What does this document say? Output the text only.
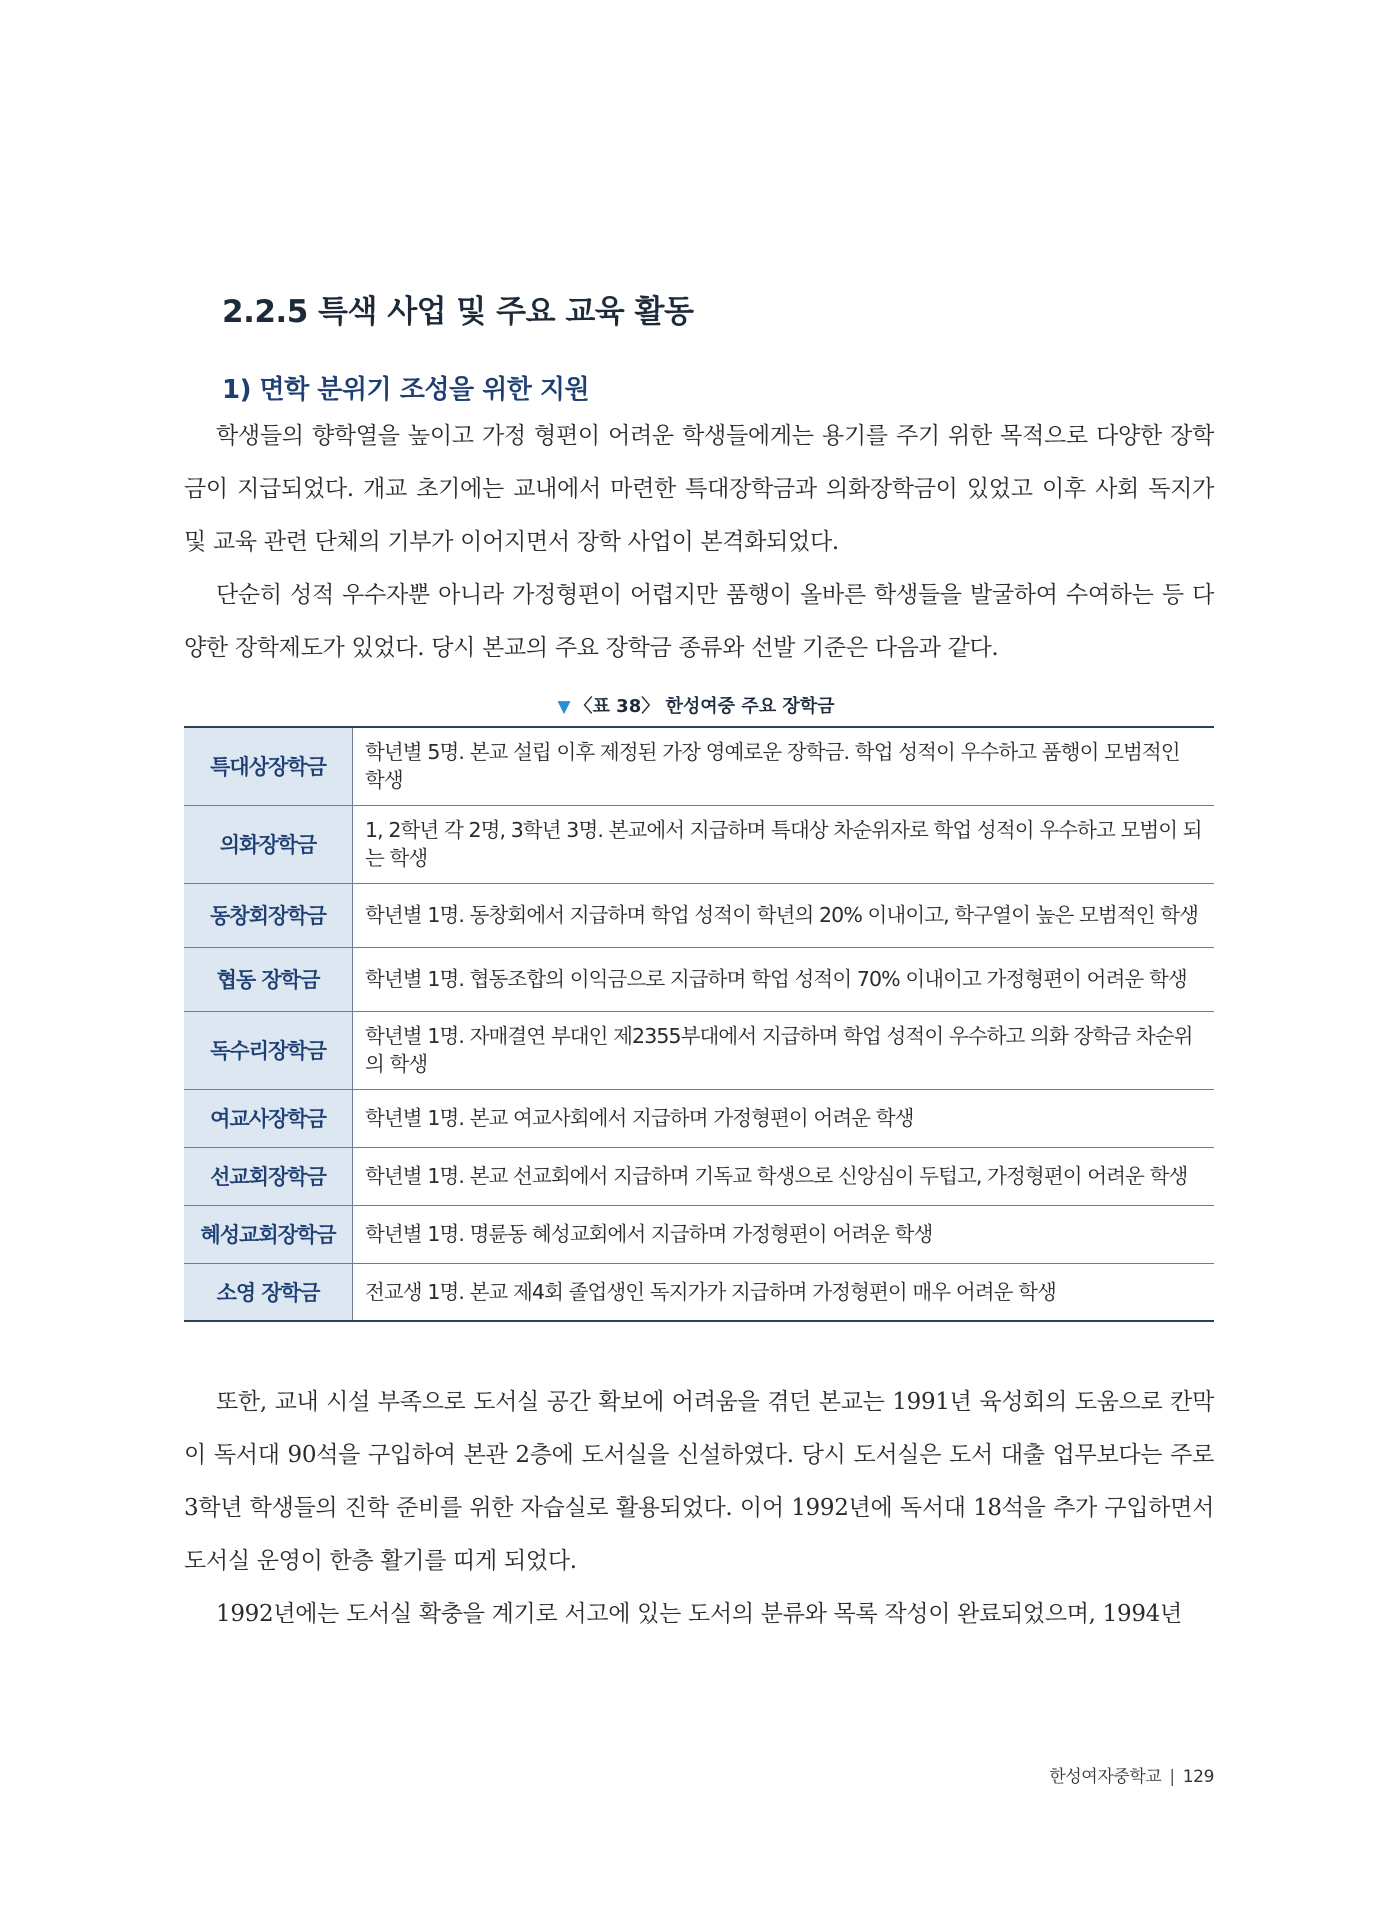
2.2.5 특색 사업 및 주요 교육 활동
1) 면학 분위기 조성을 위한 지원

학생들의 향학열을 높이고 가정 형편이 어려운 학생들에게는 용기를 주기 위한 목적으로 다양한 장학금이 지급되었다. 개교 초기에는 교내에서 마련한 특대장학금과 의화장학금이 있었고 이후 사회 독지가 및 교육 관련 단체의 기부가 이어지면서 장학 사업이 본격화되었다.

단순히 성적 우수자뿐 아니라 가정형편이 어렵지만 품행이 올바른 학생들을 발굴하여 수여하는 등 다양한 장학제도가 있었다. 당시 본교의 주요 장학금 종류와 선발 기준은 다음과 같다.

▼ 〈표 38〉 한성여중 주요 장학금
특대상장학금	학년별 5명. 본교 설립 이후 제정된 가장 영예로운 장학금. 학업 성적이 우수하고 품행이 모범적인 학생
의화장학금	1, 2학년 각 2명, 3학년 3명. 본교에서 지급하며 특대상 차순위자로 학업 성적이 우수하고 모범이 되는 학생
동창회장학금	학년별 1명. 동창회에서 지급하며 학업 성적이 학년의 20% 이내이고, 학구열이 높은 모범적인 학생
협동 장학금	학년별 1명. 협동조합의 이익금으로 지급하며 학업 성적이 70% 이내이고 가정형편이 어려운 학생
독수리장학금	학년별 1명. 자매결연 부대인 제2355부대에서 지급하며 학업 성적이 우수하고 의화 장학금 차순위의 학생
여교사장학금	학년별 1명. 본교 여교사회에서 지급하며 가정형편이 어려운 학생
선교회장학금	학년별 1명. 본교 선교회에서 지급하며 기독교 학생으로 신앙심이 두텁고, 가정형편이 어려운 학생
혜성교회장학금	학년별 1명. 명륜동 혜성교회에서 지급하며 가정형편이 어려운 학생
소영 장학금	전교생 1명. 본교 제4회 졸업생인 독지가가 지급하며 가정형편이 매우 어려운 학생

또한, 교내 시설 부족으로 도서실 공간 확보에 어려움을 겪던 본교는 1991년 육성회의 도움으로 칸막이 독서대 90석을 구입하여 본관 2층에 도서실을 신설하였다. 당시 도서실은 도서 대출 업무보다는 주로 3학년 학생들의 진학 준비를 위한 자습실로 활용되었다. 이어 1992년에 독서대 18석을 추가 구입하면서 도서실 운영이 한층 활기를 띠게 되었다.

1992년에는 도서실 확충을 계기로 서고에 있는 도서의 분류와 목록 작성이 완료되었으며, 1994년

한성여자중학교 | 129
